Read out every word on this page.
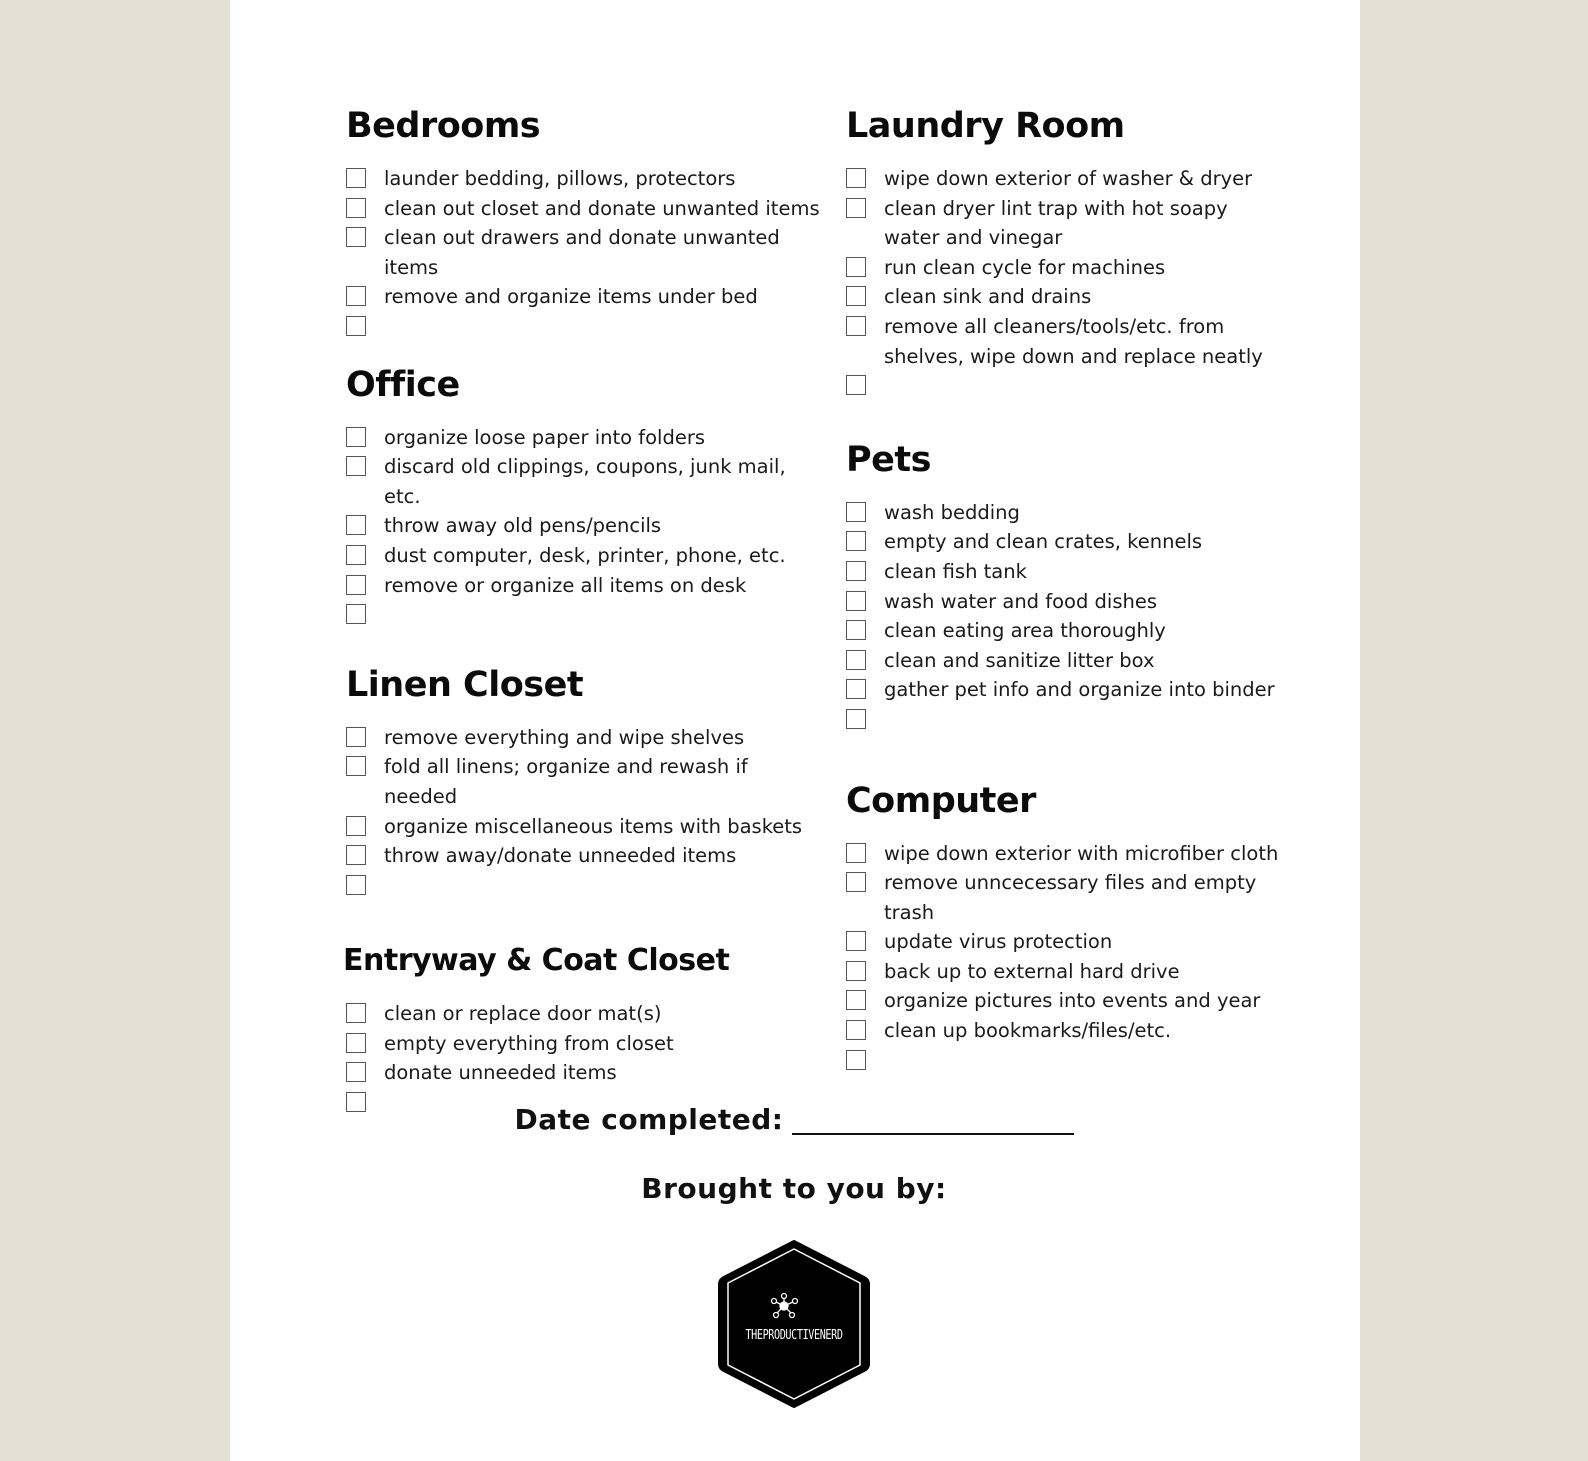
Bedrooms
launder bedding, pillows, protectors
clean out closet and donate unwanted items
clean out drawers and donate unwanted items
remove and organize items under bed
Office
organize loose paper into folders
discard old clippings, coupons, junk mail, etc.
throw away old pens/pencils
dust computer, desk, printer, phone, etc.
remove or organize all items on desk
Linen Closet
remove everything and wipe shelves
fold all linens; organize and rewash if needed
organize miscellaneous items with baskets
throw away/donate unneeded items
Entryway & Coat Closet
clean or replace door mat(s)
empty everything from closet
donate unneeded items
Laundry Room
wipe down exterior of washer & dryer
clean dryer lint trap with hot soapy water and vinegar
run clean cycle for machines
clean sink and drains
remove all cleaners/tools/etc. from shelves, wipe down and replace neatly
Pets
wash bedding
empty and clean crates, kennels
clean fish tank
wash water and food dishes
clean eating area thoroughly
clean and sanitize litter box
gather pet info and organize into binder
Computer
wipe down exterior with microfiber cloth
remove unncecessary files and empty trash
update virus protection
back up to external hard drive
organize pictures into events and year
clean up bookmarks/files/etc.
Date completed:
Brought to you by:
THEPRODUCTIVENERD
